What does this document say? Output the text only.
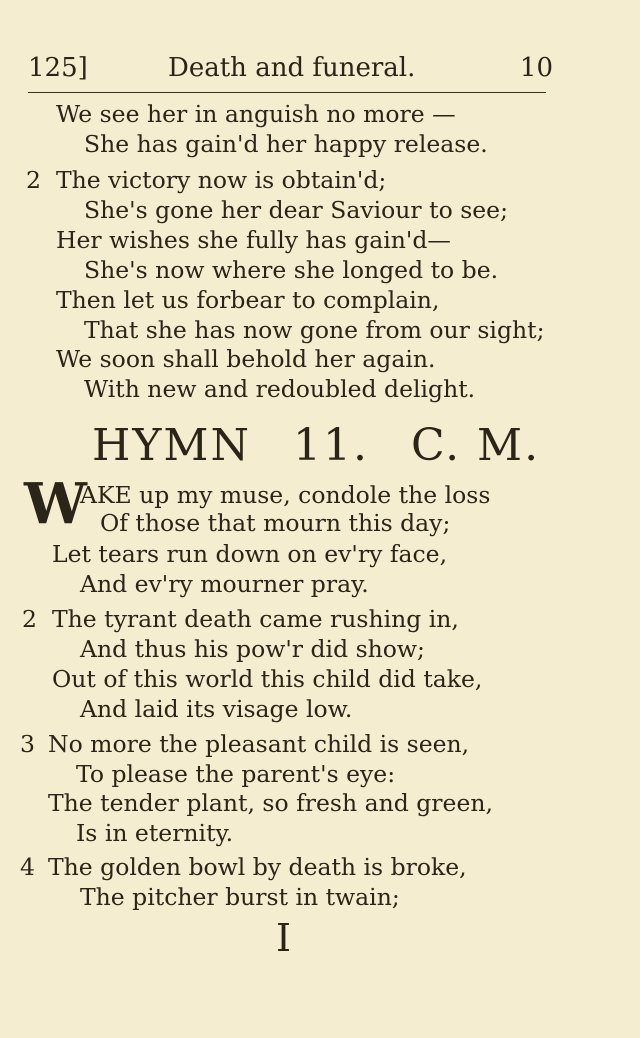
125]	Death and funeral.	10
We see her in anguish no more —
She has gain'd her happy release.
2 The victory now is obtain'd;
She's gone her dear Saviour to see;
Her wishes she fully has gain'd—
She's now where she longed to be.
Then let us forbear to complain,
That she has now gone from our sight;
We soon shall behold her again.
With new and redoubled delight.
HYMN 11. C. M.
W
AKE up my muse, condole the loss
Of those that mourn this day;
Let tears run down on ev'ry face,
And ev'ry mourner pray.
2 The tyrant death came rushing in,
And thus his pow'r did show;
Out of this world this child did take,
And laid its visage low.
3 No more the pleasant child is seen,
To please the parent's eye:
The tender plant, so fresh and green,
Is in eternity.
4 The golden bowl by death is broke,
The pitcher burst in twain;
I
